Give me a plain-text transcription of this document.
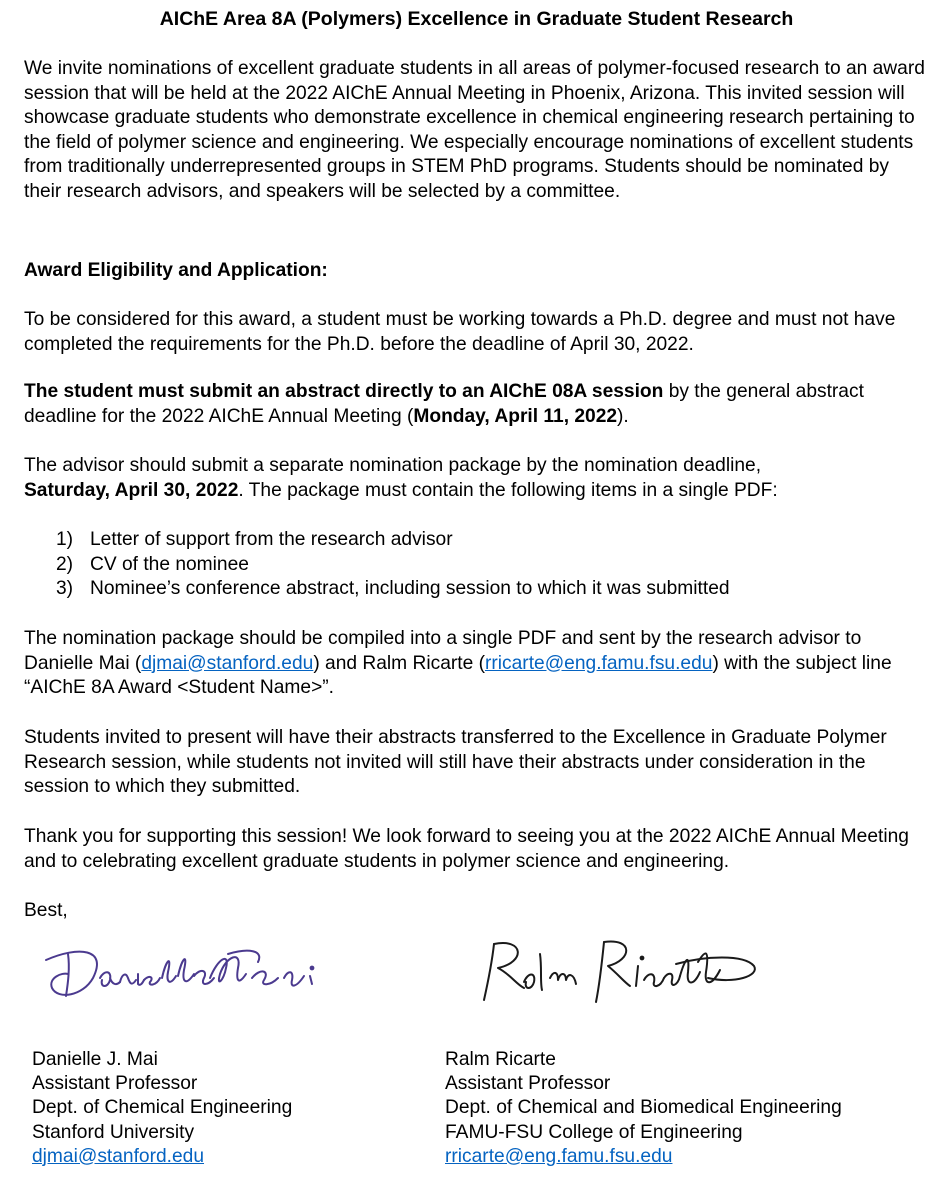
AIChE Area 8A (Polymers) Excellence in Graduate Student Research

We invite nominations of excellent graduate students in all areas of polymer-focused research to an award session that will be held at the 2022 AIChE Annual Meeting in Phoenix, Arizona. This invited session will showcase graduate students who demonstrate excellence in chemical engineering research pertaining to the field of polymer science and engineering. We especially encourage nominations of excellent students from traditionally underrepresented groups in STEM PhD programs. Students should be nominated by their research advisors, and speakers will be selected by a committee.

Award Eligibility and Application:

To be considered for this award, a student must be working towards a Ph.D. degree and must not have completed the requirements for the Ph.D. before the deadline of April 30, 2022.

The student must submit an abstract directly to an AIChE 08A session by the general abstract deadline for the 2022 AIChE Annual Meeting (Monday, April 11, 2022).

The advisor should submit a separate nomination package by the nomination deadline,
Saturday, April 30, 2022. The package must contain the following items in a single PDF:

1) Letter of support from the research advisor
2) CV of the nominee
3) Nominee’s conference abstract, including session to which it was submitted

The nomination package should be compiled into a single PDF and sent by the research advisor to Danielle Mai (djmai@stanford.edu) and Ralm Ricarte (rricarte@eng.famu.fsu.edu) with the subject line “AIChE 8A Award <Student Name>”.

Students invited to present will have their abstracts transferred to the Excellence in Graduate Polymer Research session, while students not invited will still have their abstracts under consideration in the session to which they submitted.

Thank you for supporting this session! We look forward to seeing you at the 2022 AIChE Annual Meeting and to celebrating excellent graduate students in polymer science and engineering.

Best,

Danielle J. Mai
Assistant Professor
Dept. of Chemical Engineering
Stanford University
djmai@stanford.edu
Ralm Ricarte
Assistant Professor
Dept. of Chemical and Biomedical Engineering
FAMU-FSU College of Engineering
rricarte@eng.famu.fsu.edu
